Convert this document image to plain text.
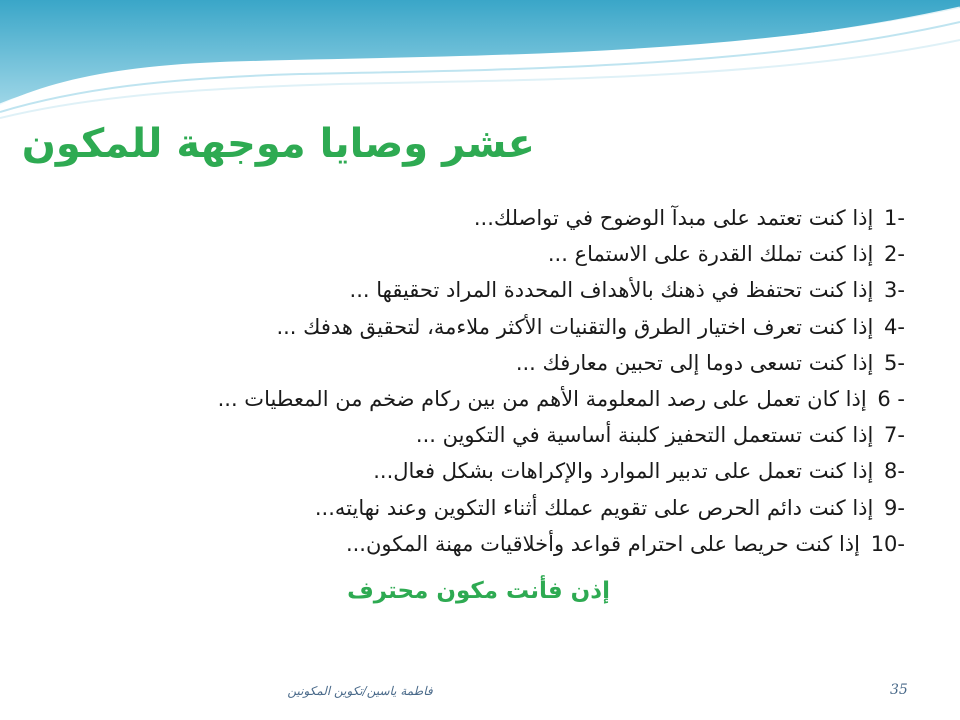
عشر وصايا موجهة للمكون
1- إذا كنت تعتمد على مبدآ الوضوح في تواصلك...
2- إذا كنت تملك القدرة على الاستماع ...
3- إذا كنت تحتفظ في ذهنك بالأهداف المحددة المراد تحقيقها ...
4- إذا كنت تعرف اختيار الطرق والتقنيات الأكثر ملاءمة، لتحقيق هدفك ...
5- إذا كنت تسعى دوما إلى تحبين معارفك ...
6 - إذا كان تعمل على رصد المعلومة الأهم من بين ركام ضخم من المعطيات ...
7- إذا كنت تستعمل التحفيز كلبنة أساسية في التكوين ...
8- إذا كنت تعمل على تدبير الموارد والإكراهات بشكل فعال...
9- إذا كنت دائم الحرص على تقويم عملك أثناء التكوين وعند نهايته...
10- إذا كنت حريصا على احترام قواعد وأخلاقيات مهنة المكون...
إذن فأنت مكون محترف
فاطمة ياسين/تكوين المكونين	35
